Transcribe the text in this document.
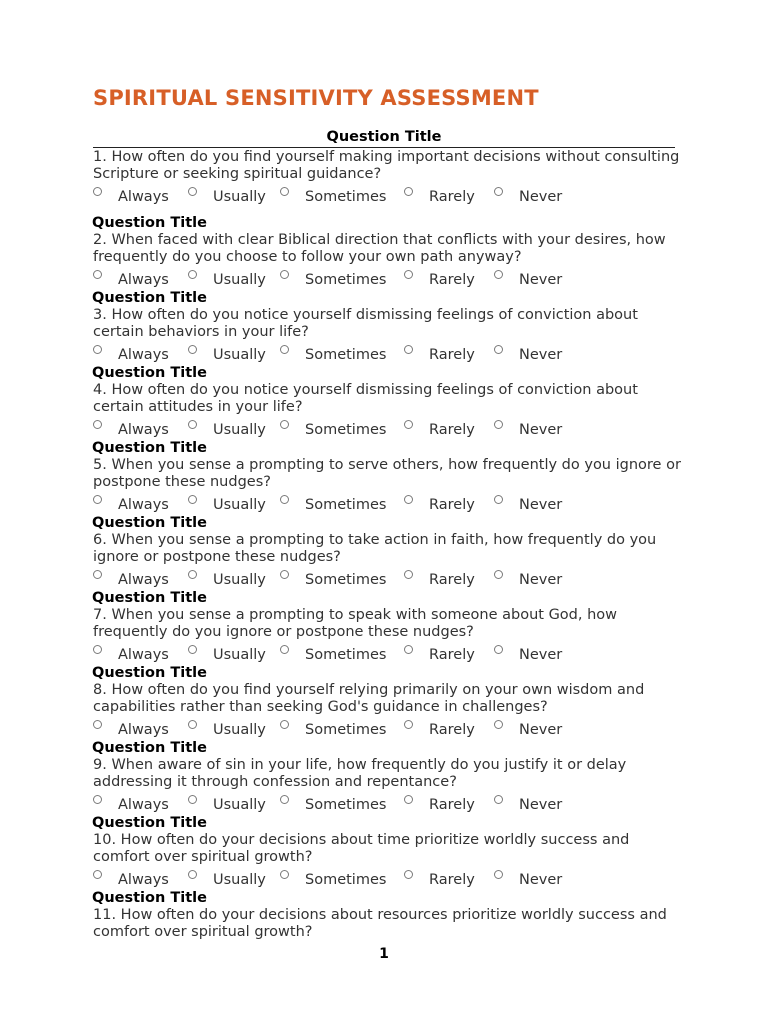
SPIRITUAL SENSITIVITY ASSESSMENT
Question Title
1. How often do you find yourself making important decisions without consulting Scripture or seeking spiritual guidance?
Always	Usually	Sometimes	Rarely	Never
Question Title
2. When faced with clear Biblical direction that conflicts with your desires, how frequently do you choose to follow your own path anyway?
Always	Usually	Sometimes	Rarely	Never
Question Title
3. How often do you notice yourself dismissing feelings of conviction about certain behaviors in your life?
Always	Usually	Sometimes	Rarely	Never
Question Title
4. How often do you notice yourself dismissing feelings of conviction about certain attitudes in your life?
Always	Usually	Sometimes	Rarely	Never
Question Title
5. When you sense a prompting to serve others, how frequently do you ignore or postpone these nudges?
Always	Usually	Sometimes	Rarely	Never
Question Title
6. When you sense a prompting to take action in faith, how frequently do you ignore or postpone these nudges?
Always	Usually	Sometimes	Rarely	Never
Question Title
7. When you sense a prompting to speak with someone about God, how frequently do you ignore or postpone these nudges?
Always	Usually	Sometimes	Rarely	Never
Question Title
8. How often do you find yourself relying primarily on your own wisdom and capabilities rather than seeking God's guidance in challenges?
Always	Usually	Sometimes	Rarely	Never
Question Title
9. When aware of sin in your life, how frequently do you justify it or delay addressing it through confession and repentance?
Always	Usually	Sometimes	Rarely	Never
Question Title
10. How often do your decisions about time prioritize worldly success and comfort over spiritual growth?
Always	Usually	Sometimes	Rarely	Never
Question Title
11. How often do your decisions about resources prioritize worldly success and comfort over spiritual growth?
1
